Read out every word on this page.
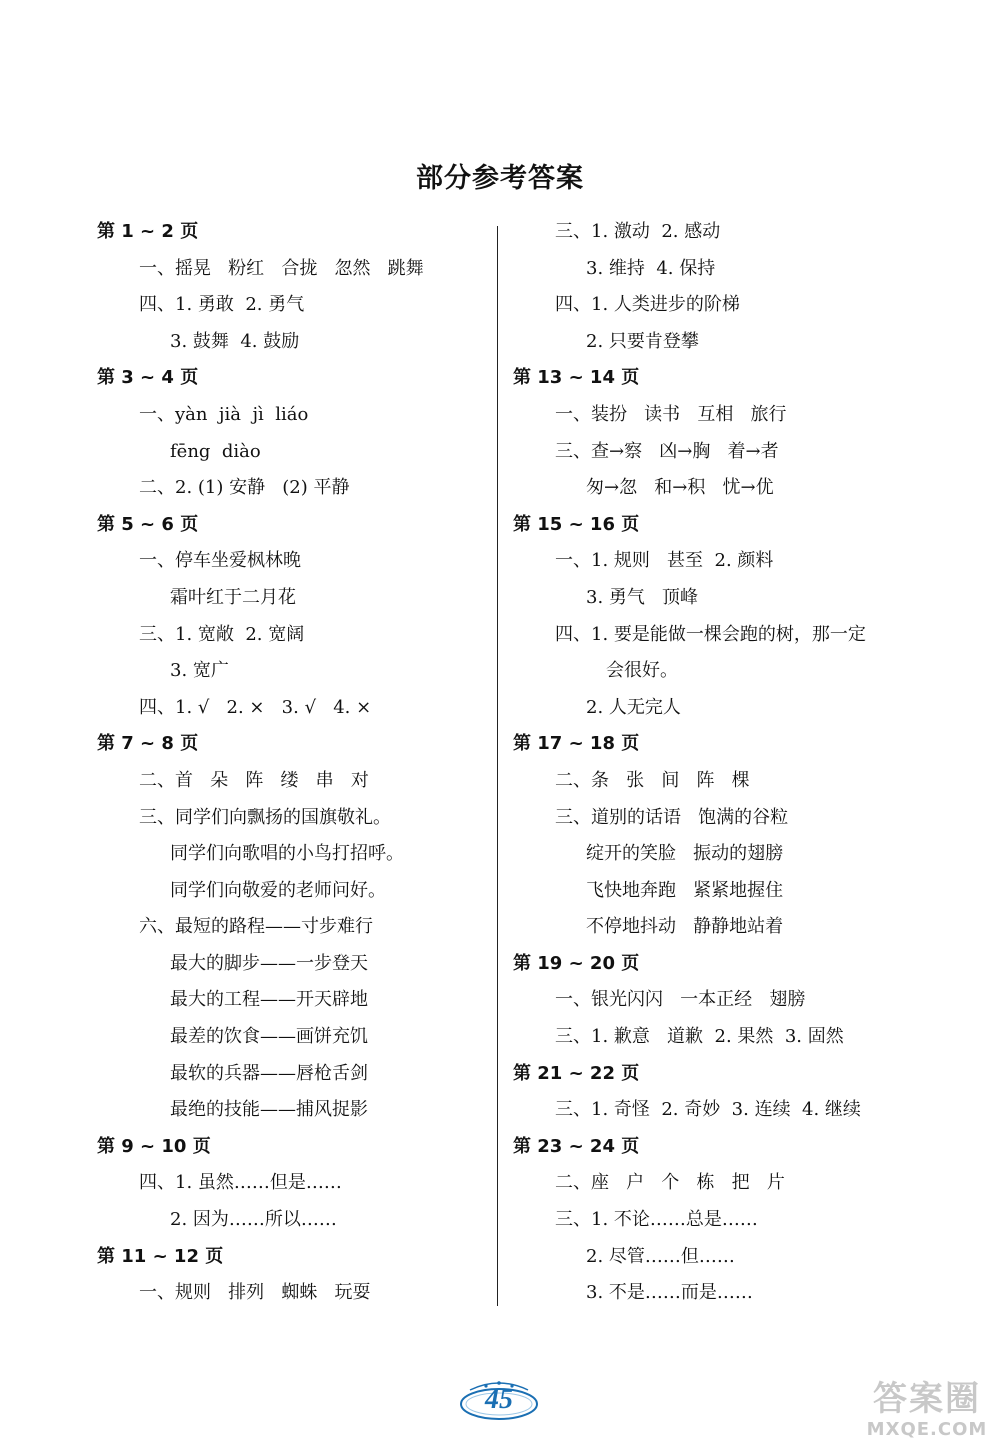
部分参考答案
第 1 ~ 2 页
一、摇晃   粉红   合拢   忽然   跳舞
四、1. 勇敢  2. 勇气
3. 鼓舞  4. 鼓励
第 3 ~ 4 页
一、yàn  jià  jì  liáo
fēng  diào
二、2. (1) 安静   (2) 平静
第 5 ~ 6 页
一、停车坐爱枫林晚
霜叶红于二月花
三、1. 宽敞  2. 宽阔
3. 宽广
四、1. √   2. ×   3. √   4. ×
第 7 ~ 8 页
二、首   朵   阵   缕   串   对
三、同学们向飘扬的国旗敬礼。
同学们向歌唱的小鸟打招呼。
同学们向敬爱的老师问好。
六、最短的路程——寸步难行
最大的脚步——一步登天
最大的工程——开天辟地
最差的饮食——画饼充饥
最软的兵器——唇枪舌剑
最绝的技能——捕风捉影
第 9 ~ 10 页
四、1. 虽然……但是……
2. 因为……所以……
第 11 ~ 12 页
一、规则   排列   蜘蛛   玩耍
三、1. 激动  2. 感动
3. 维持  4. 保持
四、1. 人类进步的阶梯
2. 只要肯登攀
第 13 ~ 14 页
一、装扮   读书   互相   旅行
三、查→察   凶→胸   着→者
匆→忽   和→积   忧→优
第 15 ~ 16 页
一、1. 规则   甚至  2. 颜料
3. 勇气   顶峰
四、1. 要是能做一棵会跑的树，那一定
会很好。
2. 人无完人
第 17 ~ 18 页
二、条   张   间   阵   棵
三、道别的话语   饱满的谷粒
绽开的笑脸   振动的翅膀
飞快地奔跑   紧紧地握住
不停地抖动   静静地站着
第 19 ~ 20 页
一、银光闪闪   一本正经   翅膀
三、1. 歉意   道歉  2. 果然  3. 固然
第 21 ~ 22 页
三、1. 奇怪  2. 奇妙  3. 连续  4. 继续
第 23 ~ 24 页
二、座   户   个   栋   把   片
三、1. 不论……总是……
2. 尽管……但……
3. 不是……而是……
45	答案圈
MXQE.COM
